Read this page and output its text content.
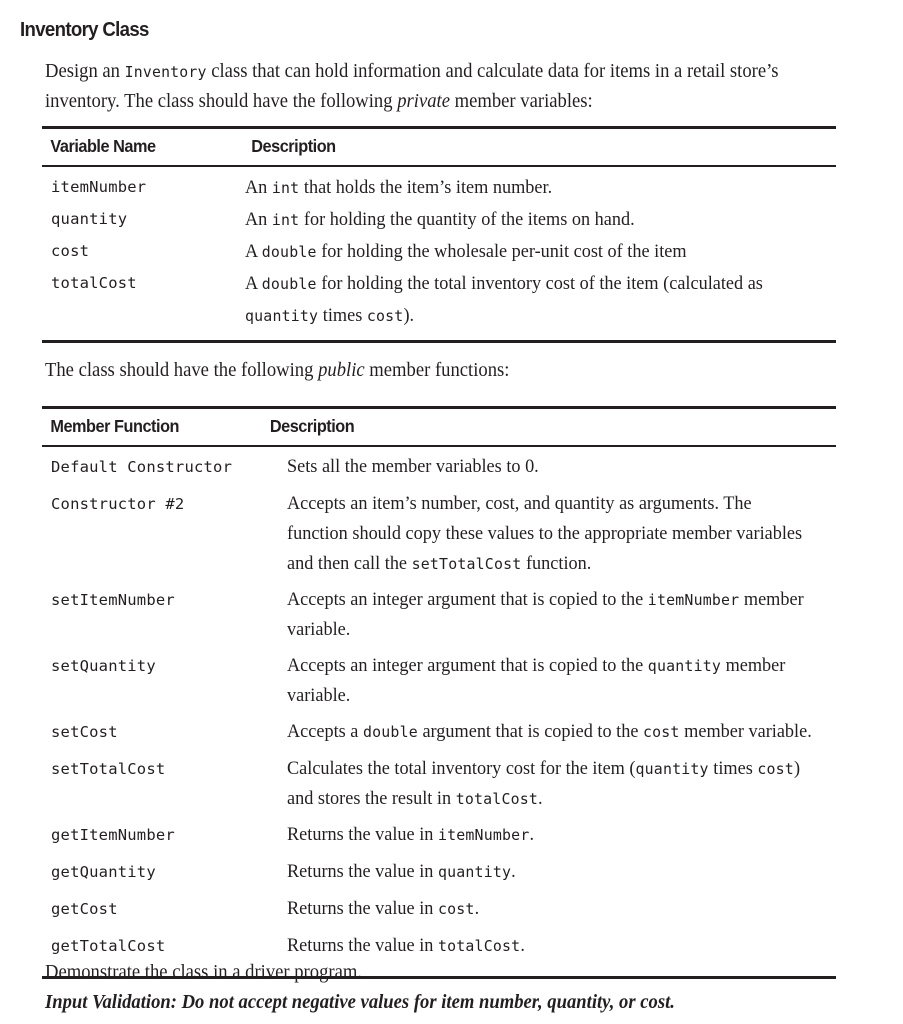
Inventory Class
Design an Inventory class that can hold information and calculate data for items in a retail store’s inventory. The class should have the following private member variables:
Variable Name	Description
itemNumber	An int that holds the item’s item number.
quantity	An int for holding the quantity of the items on hand.
cost	A double for holding the wholesale per-unit cost of the item
totalCost	A double for holding the total inventory cost of the item (calculated as quantity times cost).
The class should have the following public member functions:
Member Function	Description
Default Constructor	Sets all the member variables to 0.
Constructor #2	Accepts an item’s number, cost, and quantity as arguments. The function should copy these values to the appropriate member variables and then call the setTotalCost function.
setItemNumber	Accepts an integer argument that is copied to the itemNumber member variable.
setQuantity	Accepts an integer argument that is copied to the quantity member variable.
setCost	Accepts a double argument that is copied to the cost member variable.
setTotalCost	Calculates the total inventory cost for the item (quantity times cost) and stores the result in totalCost.
getItemNumber	Returns the value in itemNumber.
getQuantity	Returns the value in quantity.
getCost	Returns the value in cost.
getTotalCost	Returns the value in totalCost.
Demonstrate the class in a driver program.
Input Validation: Do not accept negative values for item number, quantity, or cost.
